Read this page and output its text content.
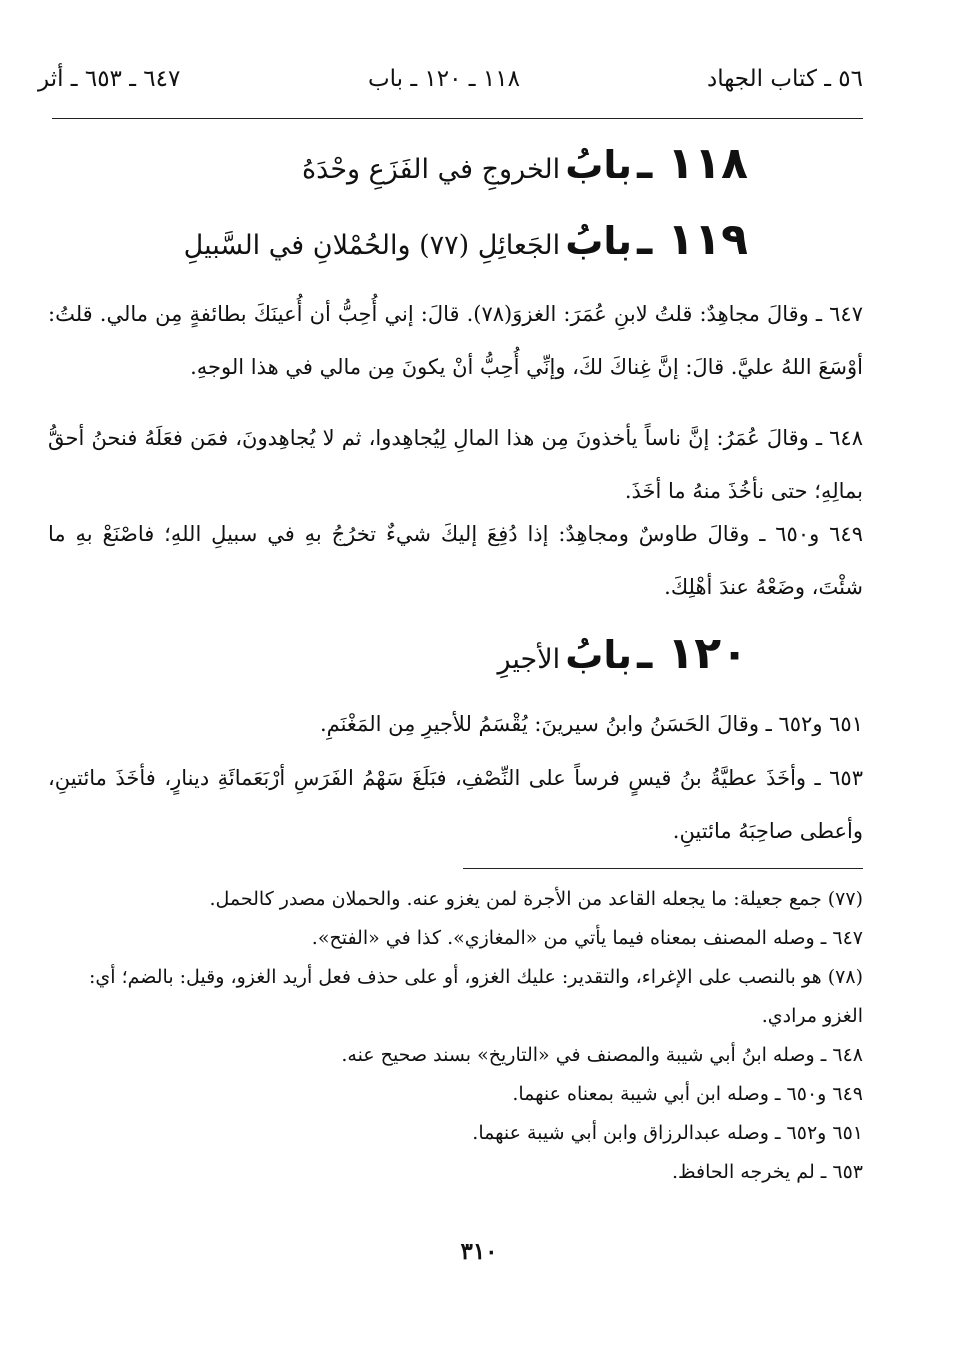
٥٦ ـ كتاب الجهاد
١١٨ ـ ١٢٠ ـ باب
٦٤٧ ـ ٦٥٣ ـ أثر
١١٨ ـ بابُ الخروجِ في الفَزَعِ وحْدَهُ
١١٩ ـ بابُ الجَعائِلِ (٧٧) والحُمْلانِ في السَّبيلِ
٦٤٧ ـ وقالَ مجاهِدٌ: قلتُ لابنِ عُمَرَ: الغزوَ(٧٨). قالَ: إني أُحِبُّ أن أُعينَكَ بطائفةٍ مِن مالي. قلتُ: أوْسَعَ اللهُ عليَّ. قالَ: إنَّ غِناكَ لكَ، وإنِّي أُحِبُّ أنْ يكونَ مِن مالي في هذا الوجهِ.
٦٤٨ ـ وقالَ عُمَرُ: إنَّ ناساً يأخذونَ مِن هذا المالِ لِيُجاهِدوا، ثم لا يُجاهِدونَ، فمَن فعَلَهُ فنحنُ أحقُّ بمالِهِ؛ حتى نأخُذَ منهُ ما أخَذَ.
٦٤٩ و٦٥٠ ـ وقالَ طاوسٌ ومجاهِدٌ: إذا دُفِعَ إليكَ شيءٌ تخرُجُ بهِ في سبيلِ اللهِ؛ فاصْنَعْ بهِ ما شئْتَ، وضَعْهُ عندَ أهْلِكَ.
١٢٠ ـ بابُ الأجيرِ
٦٥١ و٦٥٢ ـ وقالَ الحَسَنُ وابنُ سيرينَ: يُقْسَمُ للأجيرِ مِن المَغْنَمِ.
٦٥٣ ـ وأخَذَ عطيَّةُ بنُ قيسٍ فرساً على النِّصْفِ، فبَلَغَ سَهْمُ الفَرَسِ أرْبَعَمائَةِ دينارٍ، فأخَذَ مائتينِ، وأعطى صاحِبَهُ مائتينِ.

(٧٧) جمع جعيلة: ما يجعله القاعد من الأجرة لمن يغزو عنه. والحملان مصدر كالحمل.

٦٤٧ ـ وصله المصنف بمعناه فيما يأتي من «المغازي». كذا في «الفتح».

(٧٨) هو بالنصب على الإغراء، والتقدير: عليك الغزو، أو على حذف فعل أريد الغزو، وقيل: بالضم؛ أي: الغزو مرادي.

٦٤٨ ـ وصله ابنُ أبي شيبة والمصنف في «التاريخ» بسند صحيح عنه.

٦٤٩ و٦٥٠ ـ وصله ابن أبي شيبة بمعناه عنهما.

٦٥١ و٦٥٢ ـ وصله عبدالرزاق وابن أبي شيبة عنهما.

٦٥٣ ـ لم يخرجه الحافظ.

٣١٠
